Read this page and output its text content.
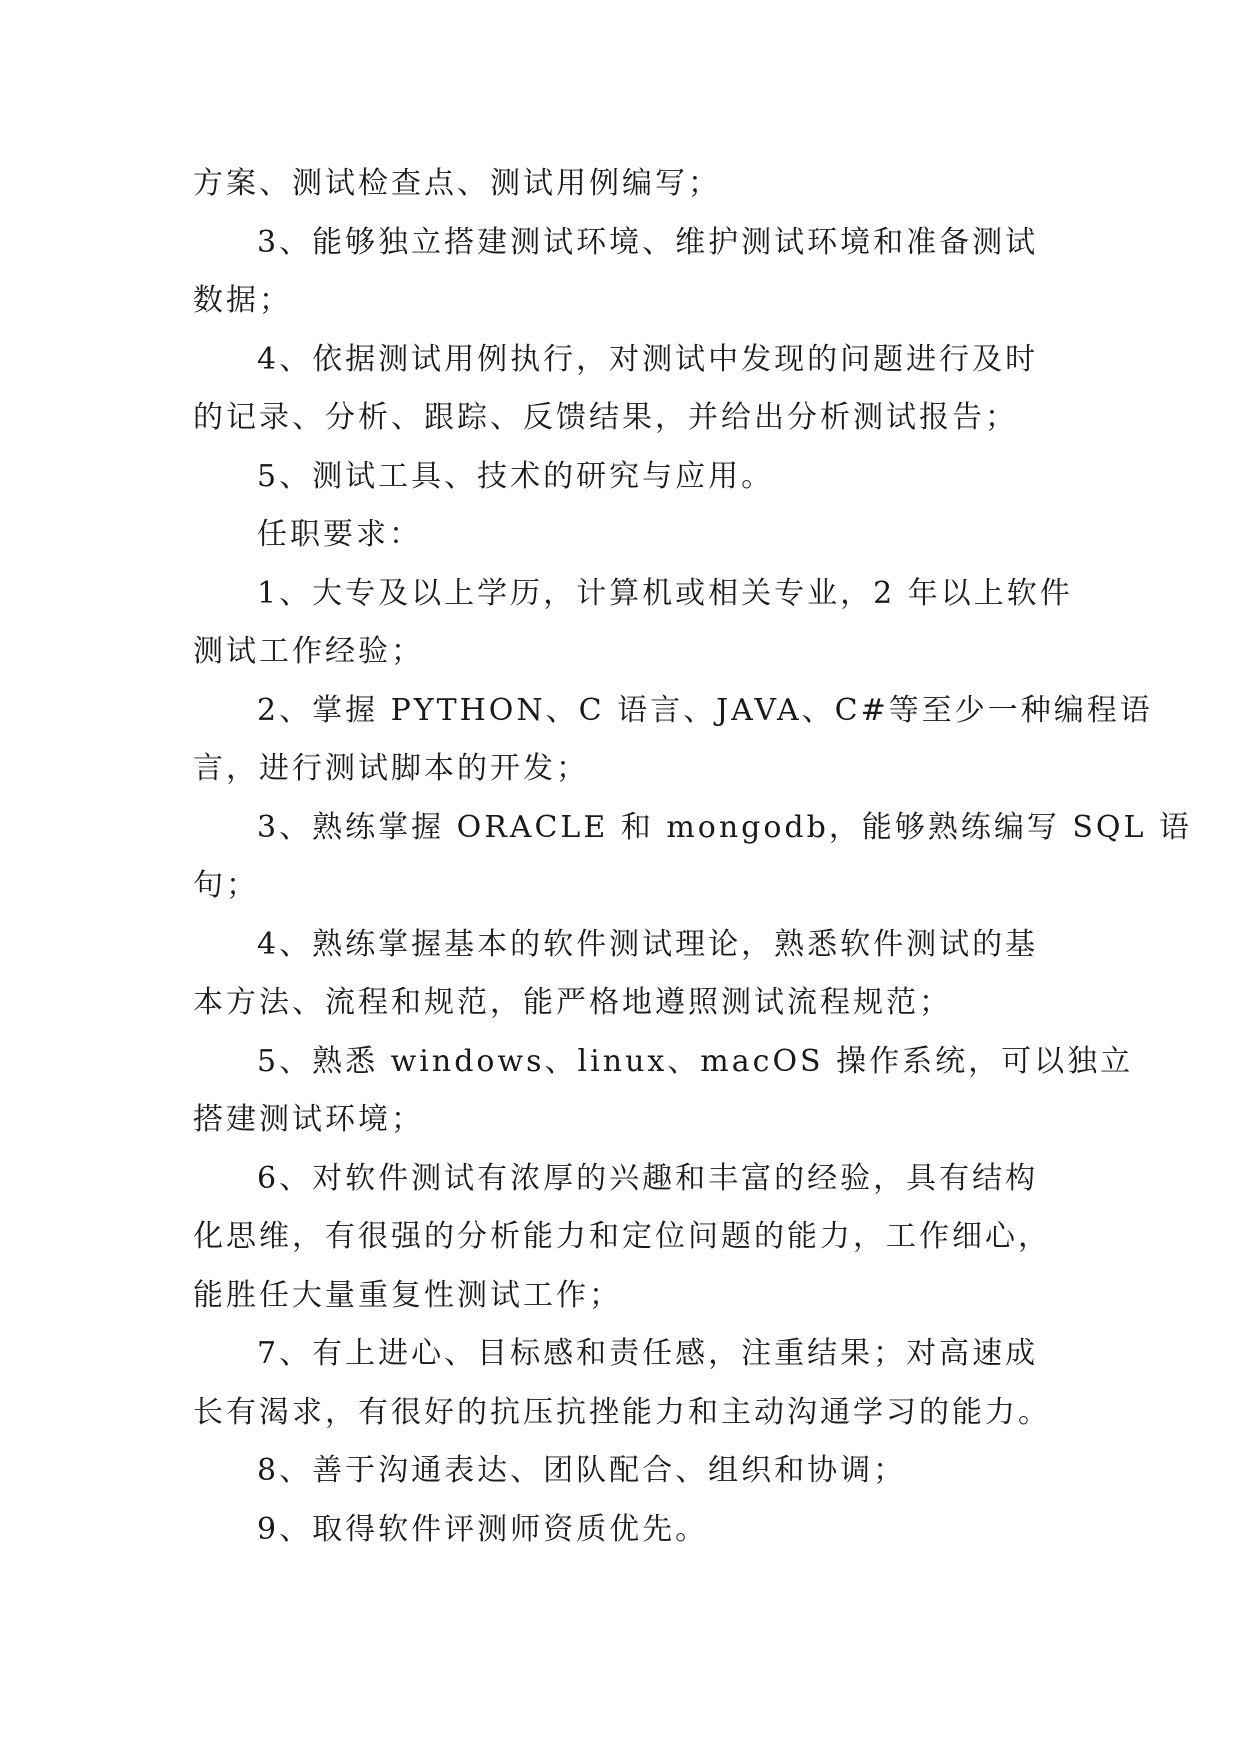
方案、测试检查点、测试用例编写；
3、能够独立搭建测试环境、维护测试环境和准备测试
数据；
4、依据测试用例执行，对测试中发现的问题进行及时
的记录、分析、跟踪、反馈结果，并给出分析测试报告；
5、测试工具、技术的研究与应用。
任职要求：
1、大专及以上学历，计算机或相关专业，2 年以上软件
测试工作经验；
2、掌握 PYTHON、C 语言、JAVA、C#等至少一种编程语
言，进行测试脚本的开发；
3、熟练掌握 ORACLE 和 mongodb，能够熟练编写 SQL 语
句；
4、熟练掌握基本的软件测试理论，熟悉软件测试的基
本方法、流程和规范，能严格地遵照测试流程规范；
5、熟悉 windows、linux、macOS 操作系统，可以独立
搭建测试环境；
6、对软件测试有浓厚的兴趣和丰富的经验，具有结构
化思维，有很强的分析能力和定位问题的能力，工作细心，
能胜任大量重复性测试工作；
7、有上进心、目标感和责任感，注重结果；对高速成
长有渴求，有很好的抗压抗挫能力和主动沟通学习的能力。
8、善于沟通表达、团队配合、组织和协调；
9、取得软件评测师资质优先。
